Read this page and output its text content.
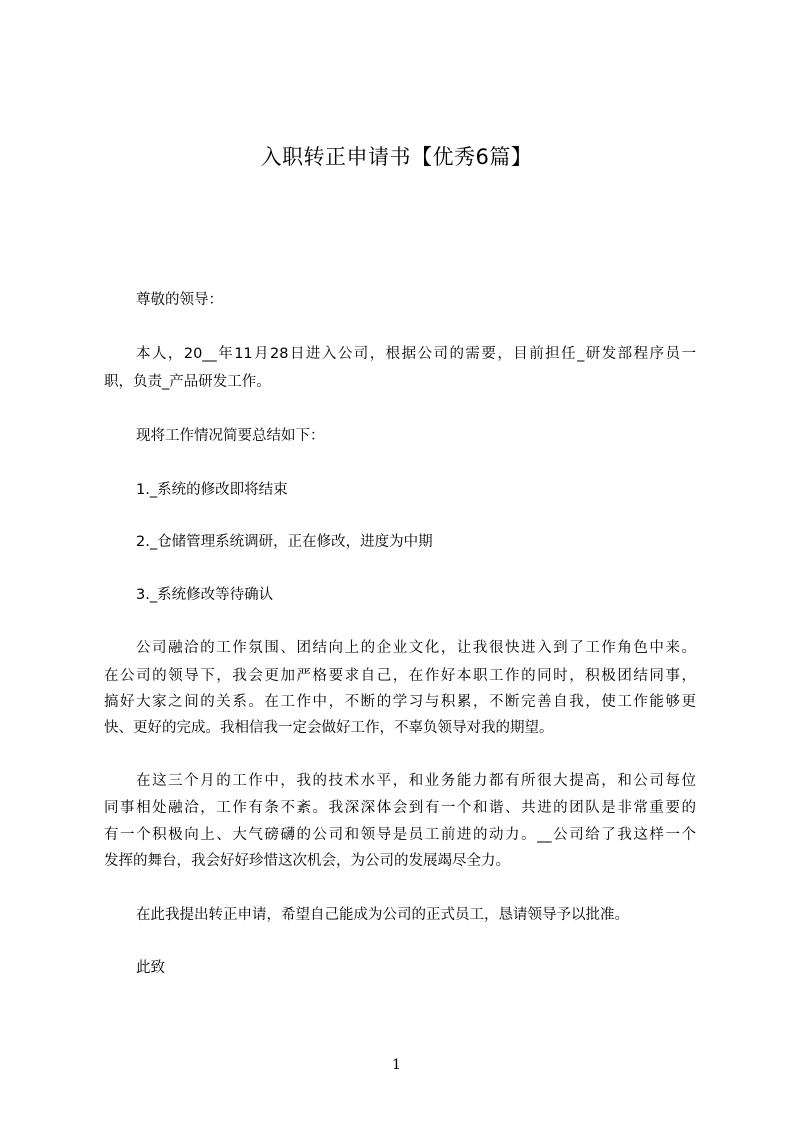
入职转正申请书【优秀6篇】
尊敬的领导：
本人，20__年11月28日进入公司，根据公司的需要，目前担任_研发部程序员一
职，负责_产品研发工作。
现将工作情况简要总结如下：
1._系统的修改即将结束
2._仓储管理系统调研，正在修改，进度为中期
3._系统修改等待确认
公司融洽的工作氛围、团结向上的企业文化，让我很快进入到了工作角色中来。
在公司的领导下，我会更加严格要求自己，在作好本职工作的同时，积极团结同事，
搞好大家之间的关系。在工作中，不断的学习与积累，不断完善自我，使工作能够更
快、更好的完成。我相信我一定会做好工作，不辜负领导对我的期望。
在这三个月的工作中，我的技术水平，和业务能力都有所很大提高，和公司每位
同事相处融洽，工作有条不紊。我深深体会到有一个和谐、共进的团队是非常重要的
有一个积极向上、大气磅礴的公司和领导是员工前进的动力。__公司给了我这样一个
发挥的舞台，我会好好珍惜这次机会，为公司的发展竭尽全力。
在此我提出转正申请，希望自己能成为公司的正式员工，恳请领导予以批准。
此致
1
